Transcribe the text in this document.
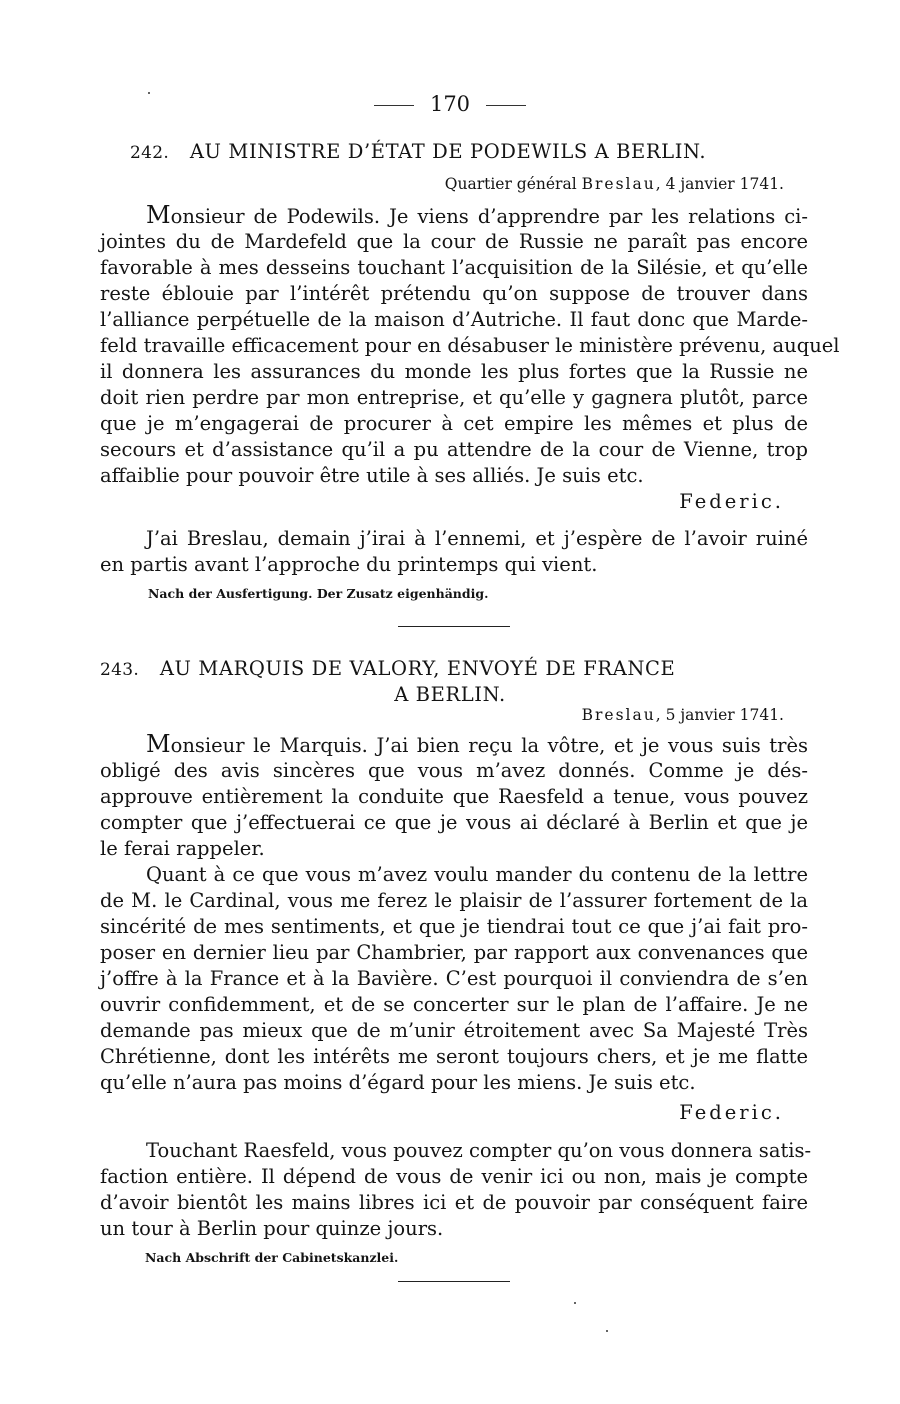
170
242. AU MINISTRE D’ÉTAT DE PODEWILS A BERLIN.
Quartier général Breslau, 4 janvier 1741.
Monsieur de Podewils. Je viens d’apprendre par les relations ci-
jointes du de Mardefeld que la cour de Russie ne paraît pas encore
favorable à mes desseins touchant l’acquisition de la Silésie, et qu’elle
reste éblouie par l’intérêt prétendu qu’on suppose de trouver dans
l’alliance perpétuelle de la maison d’Autriche. Il faut donc que Marde-
feld travaille efficacement pour en désabuser le ministère prévenu, auquel
il donnera les assurances du monde les plus fortes que la Russie ne
doit rien perdre par mon entreprise, et qu’elle y gagnera plutôt, parce
que je m’engagerai de procurer à cet empire les mêmes et plus de
secours et d’assistance qu’il a pu attendre de la cour de Vienne, trop
affaiblie pour pouvoir être utile à ses alliés. Je suis etc.
Federic.
J’ai Breslau, demain j’irai à l’ennemi, et j’espère de l’avoir ruiné
en partis avant l’approche du printemps qui vient.
Nach der Ausfertigung. Der Zusatz eigenhändig.
243. AU MARQUIS DE VALORY, ENVOYÉ DE FRANCE
A BERLIN.
Breslau, 5 janvier 1741.
Monsieur le Marquis. J’ai bien reçu la vôtre, et je vous suis très
obligé des avis sincères que vous m’avez donnés. Comme je dés-
approuve entièrement la conduite que Raesfeld a tenue, vous pouvez
compter que j’effectuerai ce que je vous ai déclaré à Berlin et que je
le ferai rappeler.
Quant à ce que vous m’avez voulu mander du contenu de la lettre
de M. le Cardinal, vous me ferez le plaisir de l’assurer fortement de la
sincérité de mes sentiments, et que je tiendrai tout ce que j’ai fait pro-
poser en dernier lieu par Chambrier, par rapport aux convenances que
j’offre à la France et à la Bavière. C’est pourquoi il conviendra de s’en
ouvrir confidemment, et de se concerter sur le plan de l’affaire. Je ne
demande pas mieux que de m’unir étroitement avec Sa Majesté Très
Chrétienne, dont les intérêts me seront toujours chers, et je me flatte
qu’elle n’aura pas moins d’égard pour les miens. Je suis etc.
Federic.
Touchant Raesfeld, vous pouvez compter qu’on vous donnera satis-
faction entière. Il dépend de vous de venir ici ou non, mais je compte
d’avoir bientôt les mains libres ici et de pouvoir par conséquent faire
un tour à Berlin pour quinze jours.
Nach Abschrift der Cabinetskanzlei.
